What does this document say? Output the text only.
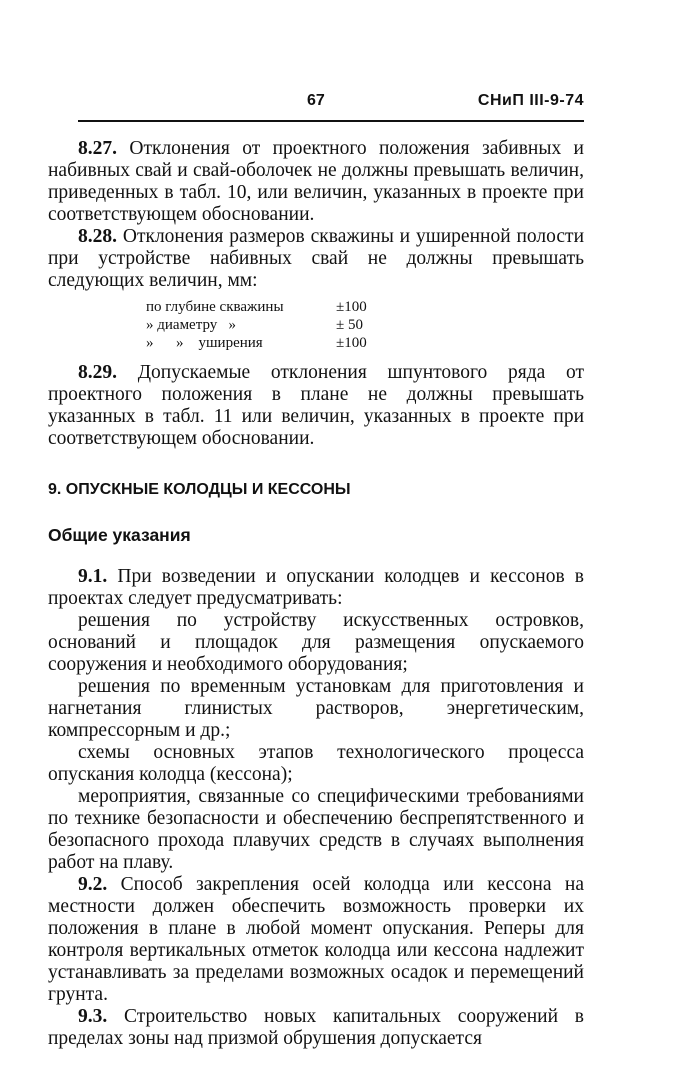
67	СНиП III-9-74

8.27. Отклонения от проектного положения забивных и набивных свай и свай-оболочек не должны превышать величин, приведенных в табл. 10, или величин, указанных в проекте при соответствующем обосновании.

8.28. Отклонения размеров скважины и уширенной полости при устройстве набивных свай не должны превышать следующих величин, мм:

по глубине скважины	±100
» диаметру   »	± 50
»      »    уширения	±100

8.29. Допускаемые отклонения шпунтового ряда от проектного положения в плане не должны превышать указанных в табл. 11 или величин, указанных в проекте при соответствующем обосновании.

9. ОПУСКНЫЕ КОЛОДЦЫ И КЕССОНЫ
Общие указания

9.1. При возведении и опускании колодцев и кессонов в проектах следует предусматривать:

решения по устройству искусственных островков, оснований и площадок для размещения опускаемого сооружения и необходимого оборудования;

решения по временным установкам для приготовления и нагнетания глинистых растворов, энергетическим, компрессорным и др.;

схемы основных этапов технологического процесса опускания колодца (кессона);

мероприятия, связанные со специфическими требованиями по технике безопасности и обеспечению беспрепятственного и безопасного прохода плавучих средств в случаях выполнения работ на плаву.

9.2. Способ закрепления осей колодца или кессона на местности должен обеспечить возможность проверки их положения в плане в любой момент опускания. Реперы для контроля вертикальных отметок колодца или кессона надлежит устанавливать за пределами возможных осадок и перемещений грунта.

9.3. Строительство новых капитальных сооружений в пределах зоны над призмой обрушения допускается
